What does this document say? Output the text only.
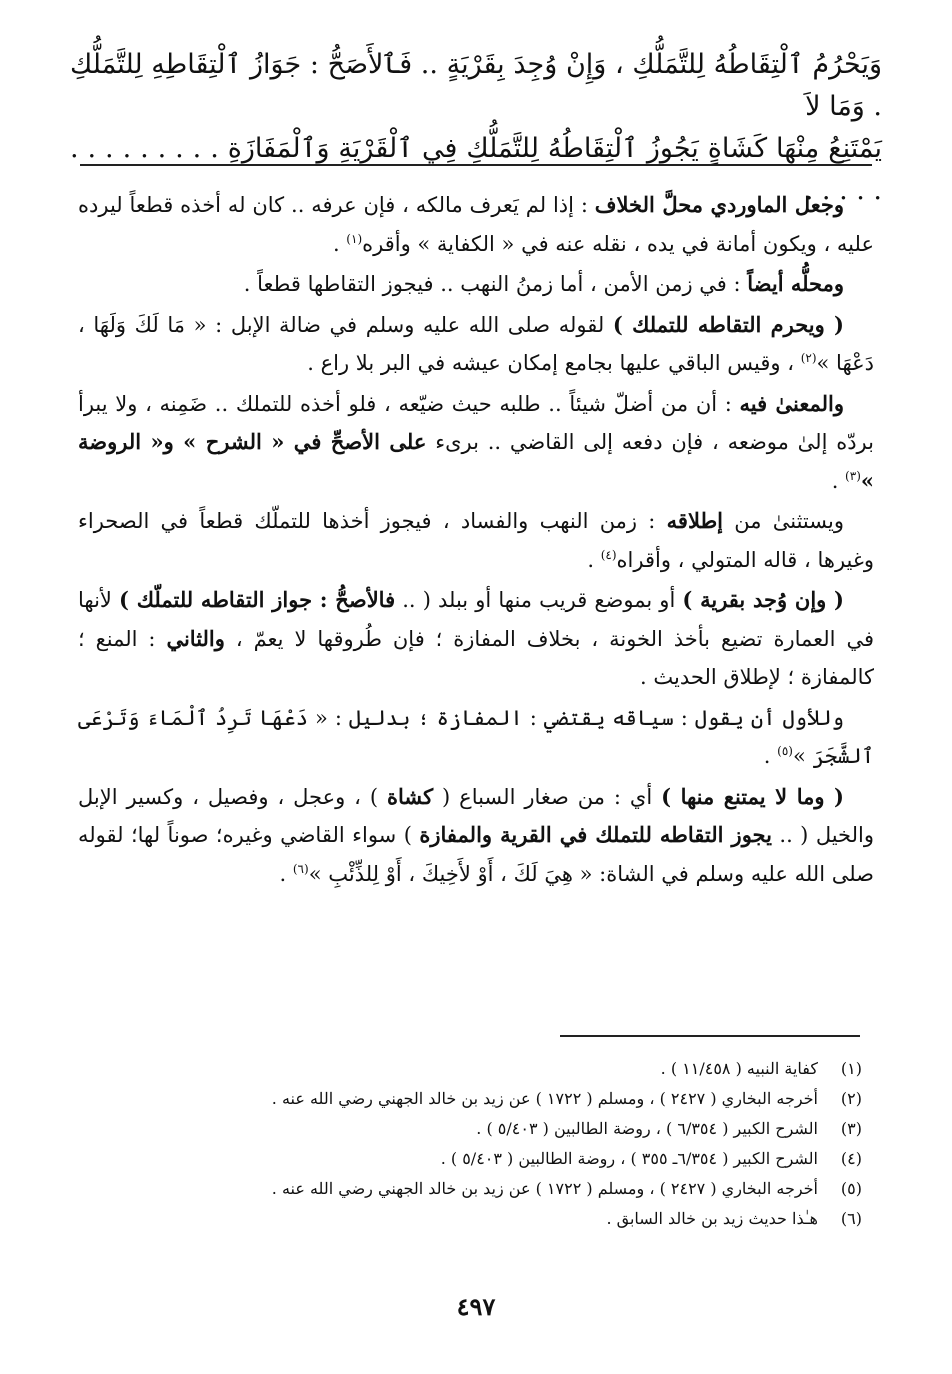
وَيَحْرُمُ ٱلْتِقَاطُهُ لِلتَّمَلُّكِ ، وَإِنْ وُجِدَ بِقَرْيَةٍ .. فَٱلأَصَحُّ : جَوَازُ ٱلْتِقَاطِهِ لِلتَّمَلُّكِ . وَمَا لاَ

يَمْتَنِعُ مِنْهَا كَشَاةٍ يَجُوزُ ٱلْتِقَاطُهُ لِلتَّمَلُّكِ فِي ٱلْقَرْيَةِ وَٱلْمَفَازَةِ . . . . . . . . . . . . . .

وجعل الماوردي محلَّ الخلاف : إذا لم يَعرف مالكه ، فإن عرفه .. كان له أخذه قطعاً ليرده عليه ، ويكون أمانة في يده ، نقله عنه في « الكفاية » وأقره$^{(١)}$ .

ومحلُّه أيضاً : في زمن الأمن ، أما زمنُ النهب .. فيجوز التقاطها قطعاً .

( ويحرم التقاطه للتملك ) لقوله صلى الله عليه وسلم في ضالة الإبل : « مَا لَكَ وَلَهَا ، دَعْهَا »$^{(٢)}$ ، وقيس الباقي عليها بجامع إمكان عيشه في البر بلا راع .

والمعنىٰ فيه : أن من أضلّ شيئاً .. طلبه حيث ضيّعه ، فلو أخذه للتملك .. ضَمِنه ، ولا يبرأ بردّه إلىٰ موضعه ، فإن دفعه إلى القاضي .. برىء على الأصحِّ في « الشرح » و« الروضة »$^{(٣)}$ .

ويستثنىٰ من إطلاقه : زمن النهب والفساد ، فيجوز أخذها للتملّك قطعاً في الصحراء وغيرها ، قاله المتولي ، وأقراه$^{(٤)}$ .

( وإن وُجد بقرية ) أو بموضع قريب منها أو ببلد ( .. فالأصحُّ : جواز التقاطه للتملّك ) لأنها في العمارة تضيع بأخذ الخونة ، بخلاف المفازة ؛ فإن طُروقها لا يعمّ ، والثاني : المنع ؛ كالمفازة ؛ لإطلاق الحديث .

وللأول أن يقول : سياقه يقتضي : المفازة ؛ بدليل : « دَعْهَا تَرِدُ ٱلْمَاءَ وَتَرْعَى ٱلشَّجَرَ »$^{(٥)}$ .

( وما لا يمتنع منها ) أي : من صغار السباع ( كشاة ) ، وعجل ، وفصيل ، وكسير الإبل والخيل ( .. يجوز التقاطه للتملك في القرية والمفازة ) سواء القاضي وغيره؛ صوناً لها؛ لقوله صلى الله عليه وسلم في الشاة: « هِيَ لَكَ ، أَوْ لأَخِيكَ ، أَوْ لِلذِّئْبِ »$^{(٦)}$ .

(١)
كفاية النبيه ( ١١/٤٥٨ ) .
(٢)
أخرجه البخاري ( ٢٤٢٧ ) ، ومسلم ( ١٧٢٢ ) عن زيد بن خالد الجهني رضي الله عنه .
(٣)
الشرح الكبير ( ٦/٣٥٤ ) ، روضة الطالبين ( ٥/٤٠٣ ) .
(٤)
الشرح الكبير ( ٦/٣٥٤ـ ٣٥٥ ) ، روضة الطالبين ( ٥/٤٠٣ ) .
(٥)
أخرجه البخاري ( ٢٤٢٧ ) ، ومسلم ( ١٧٢٢ ) عن زيد بن خالد الجهني رضي الله عنه .
(٦)
هـٰذا حديث زيد بن خالد السابق .
٤٩٧
